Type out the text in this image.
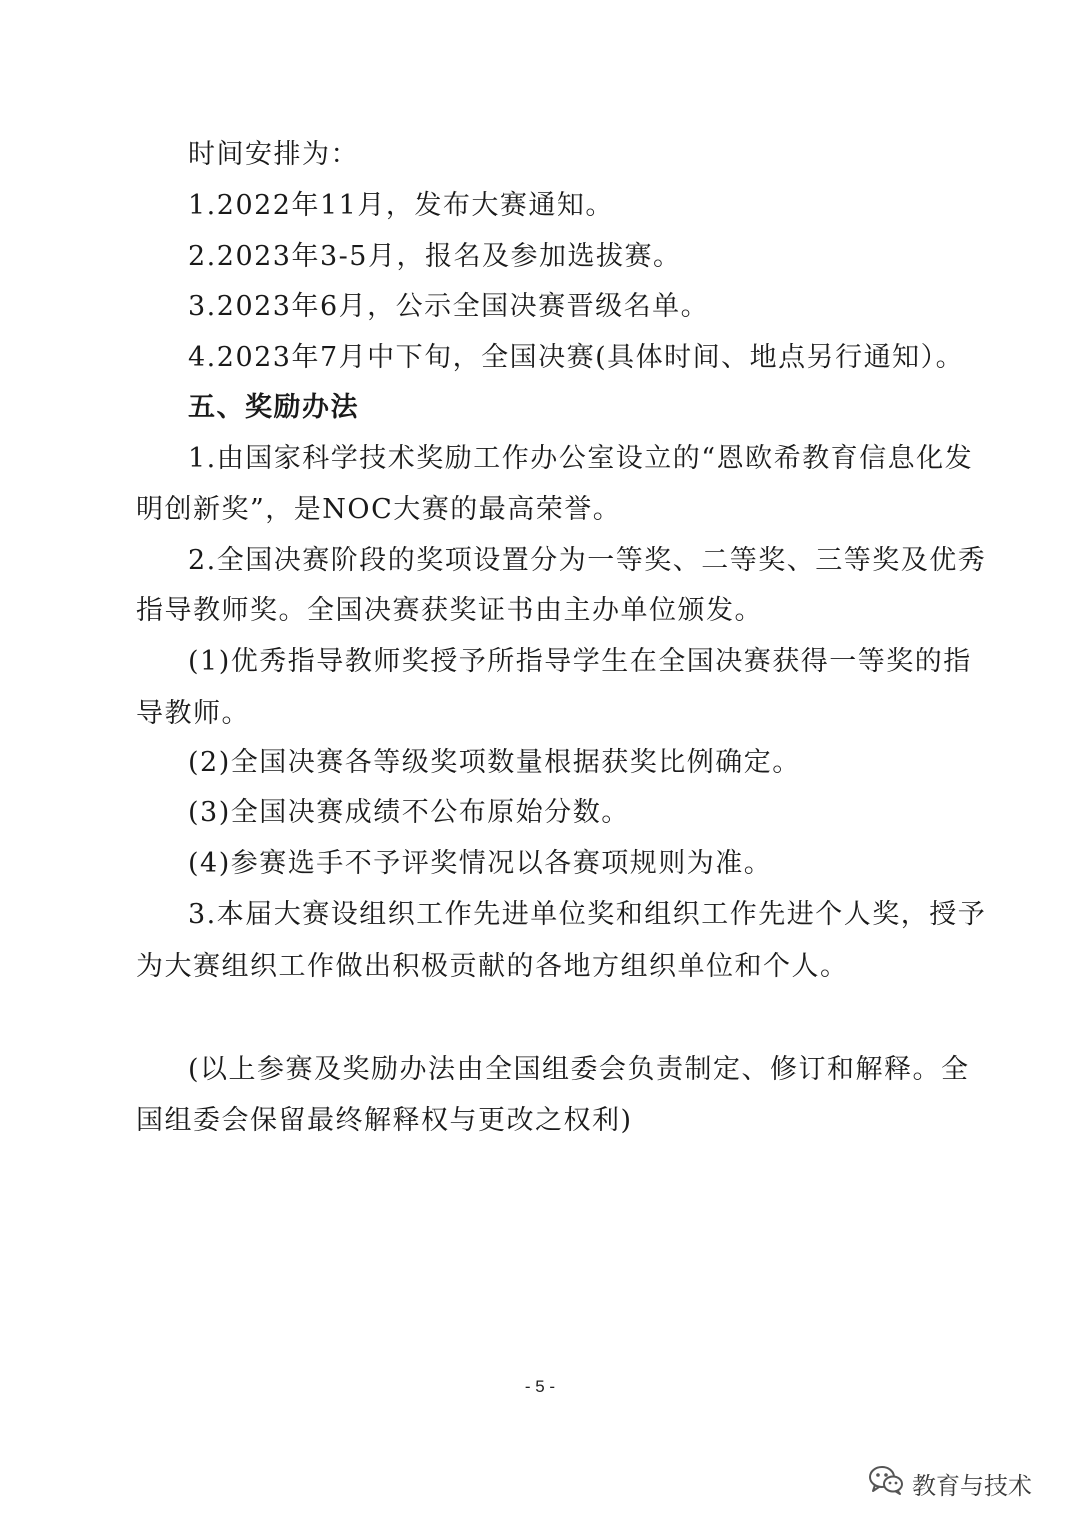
时间安排为：
1.2022年11月，发布大赛通知。
2.2023年3-5月，报名及参加选拔赛。
3.2023年6月，公示全国决赛晋级名单。
4.2023年7月中下旬，全国决赛(具体时间、地点另行通知）。
五、奖励办法
1.由国家科学技术奖励工作办公室设立的“恩欧希教育信息化发
明创新奖”，是NOC大赛的最高荣誉。
2.全国决赛阶段的奖项设置分为一等奖、二等奖、三等奖及优秀
指导教师奖。全国决赛获奖证书由主办单位颁发。
(1)优秀指导教师奖授予所指导学生在全国决赛获得一等奖的指
导教师。
(2)全国决赛各等级奖项数量根据获奖比例确定。
(3)全国决赛成绩不公布原始分数。
(4)参赛选手不予评奖情况以各赛项规则为准。
3.本届大赛设组织工作先进单位奖和组织工作先进个人奖，授予
为大赛组织工作做出积极贡献的各地方组织单位和个人。
(以上参赛及奖励办法由全国组委会负责制定、修订和解释。全
国组委会保留最终解释权与更改之权利)
- 5 -
教育与技术
